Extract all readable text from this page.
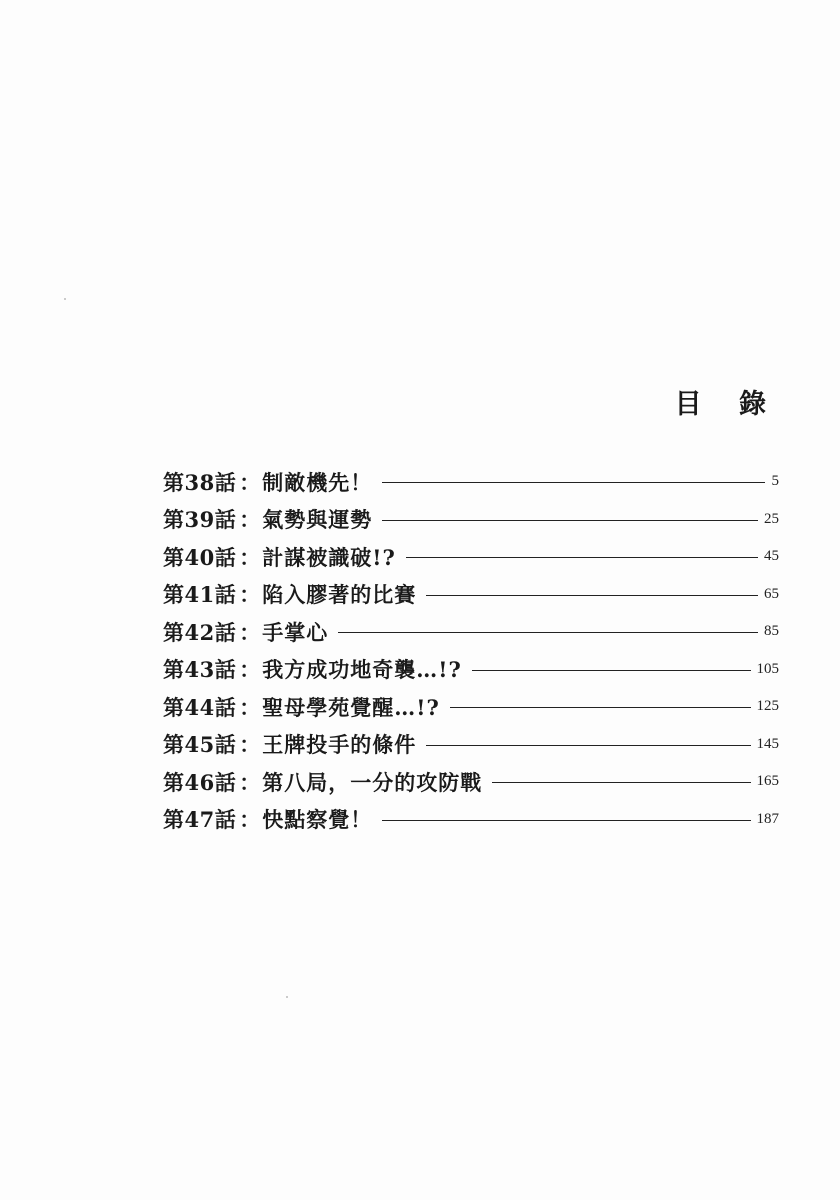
目 錄
第38話 ： 制敵機先！	5
第39話 ： 氣勢與運勢	25
第40話 ： 計謀被識破!?	45
第41話 ： 陷入膠著的比賽	65
第42話 ： 手掌心	85
第43話 ： 我方成功地奇襲…!?	105
第44話 ： 聖母學苑覺醒…!?	125
第45話 ： 王牌投手的條件	145
第46話 ： 第八局，一分的攻防戰	165
第47話 ： 快點察覺！	187
